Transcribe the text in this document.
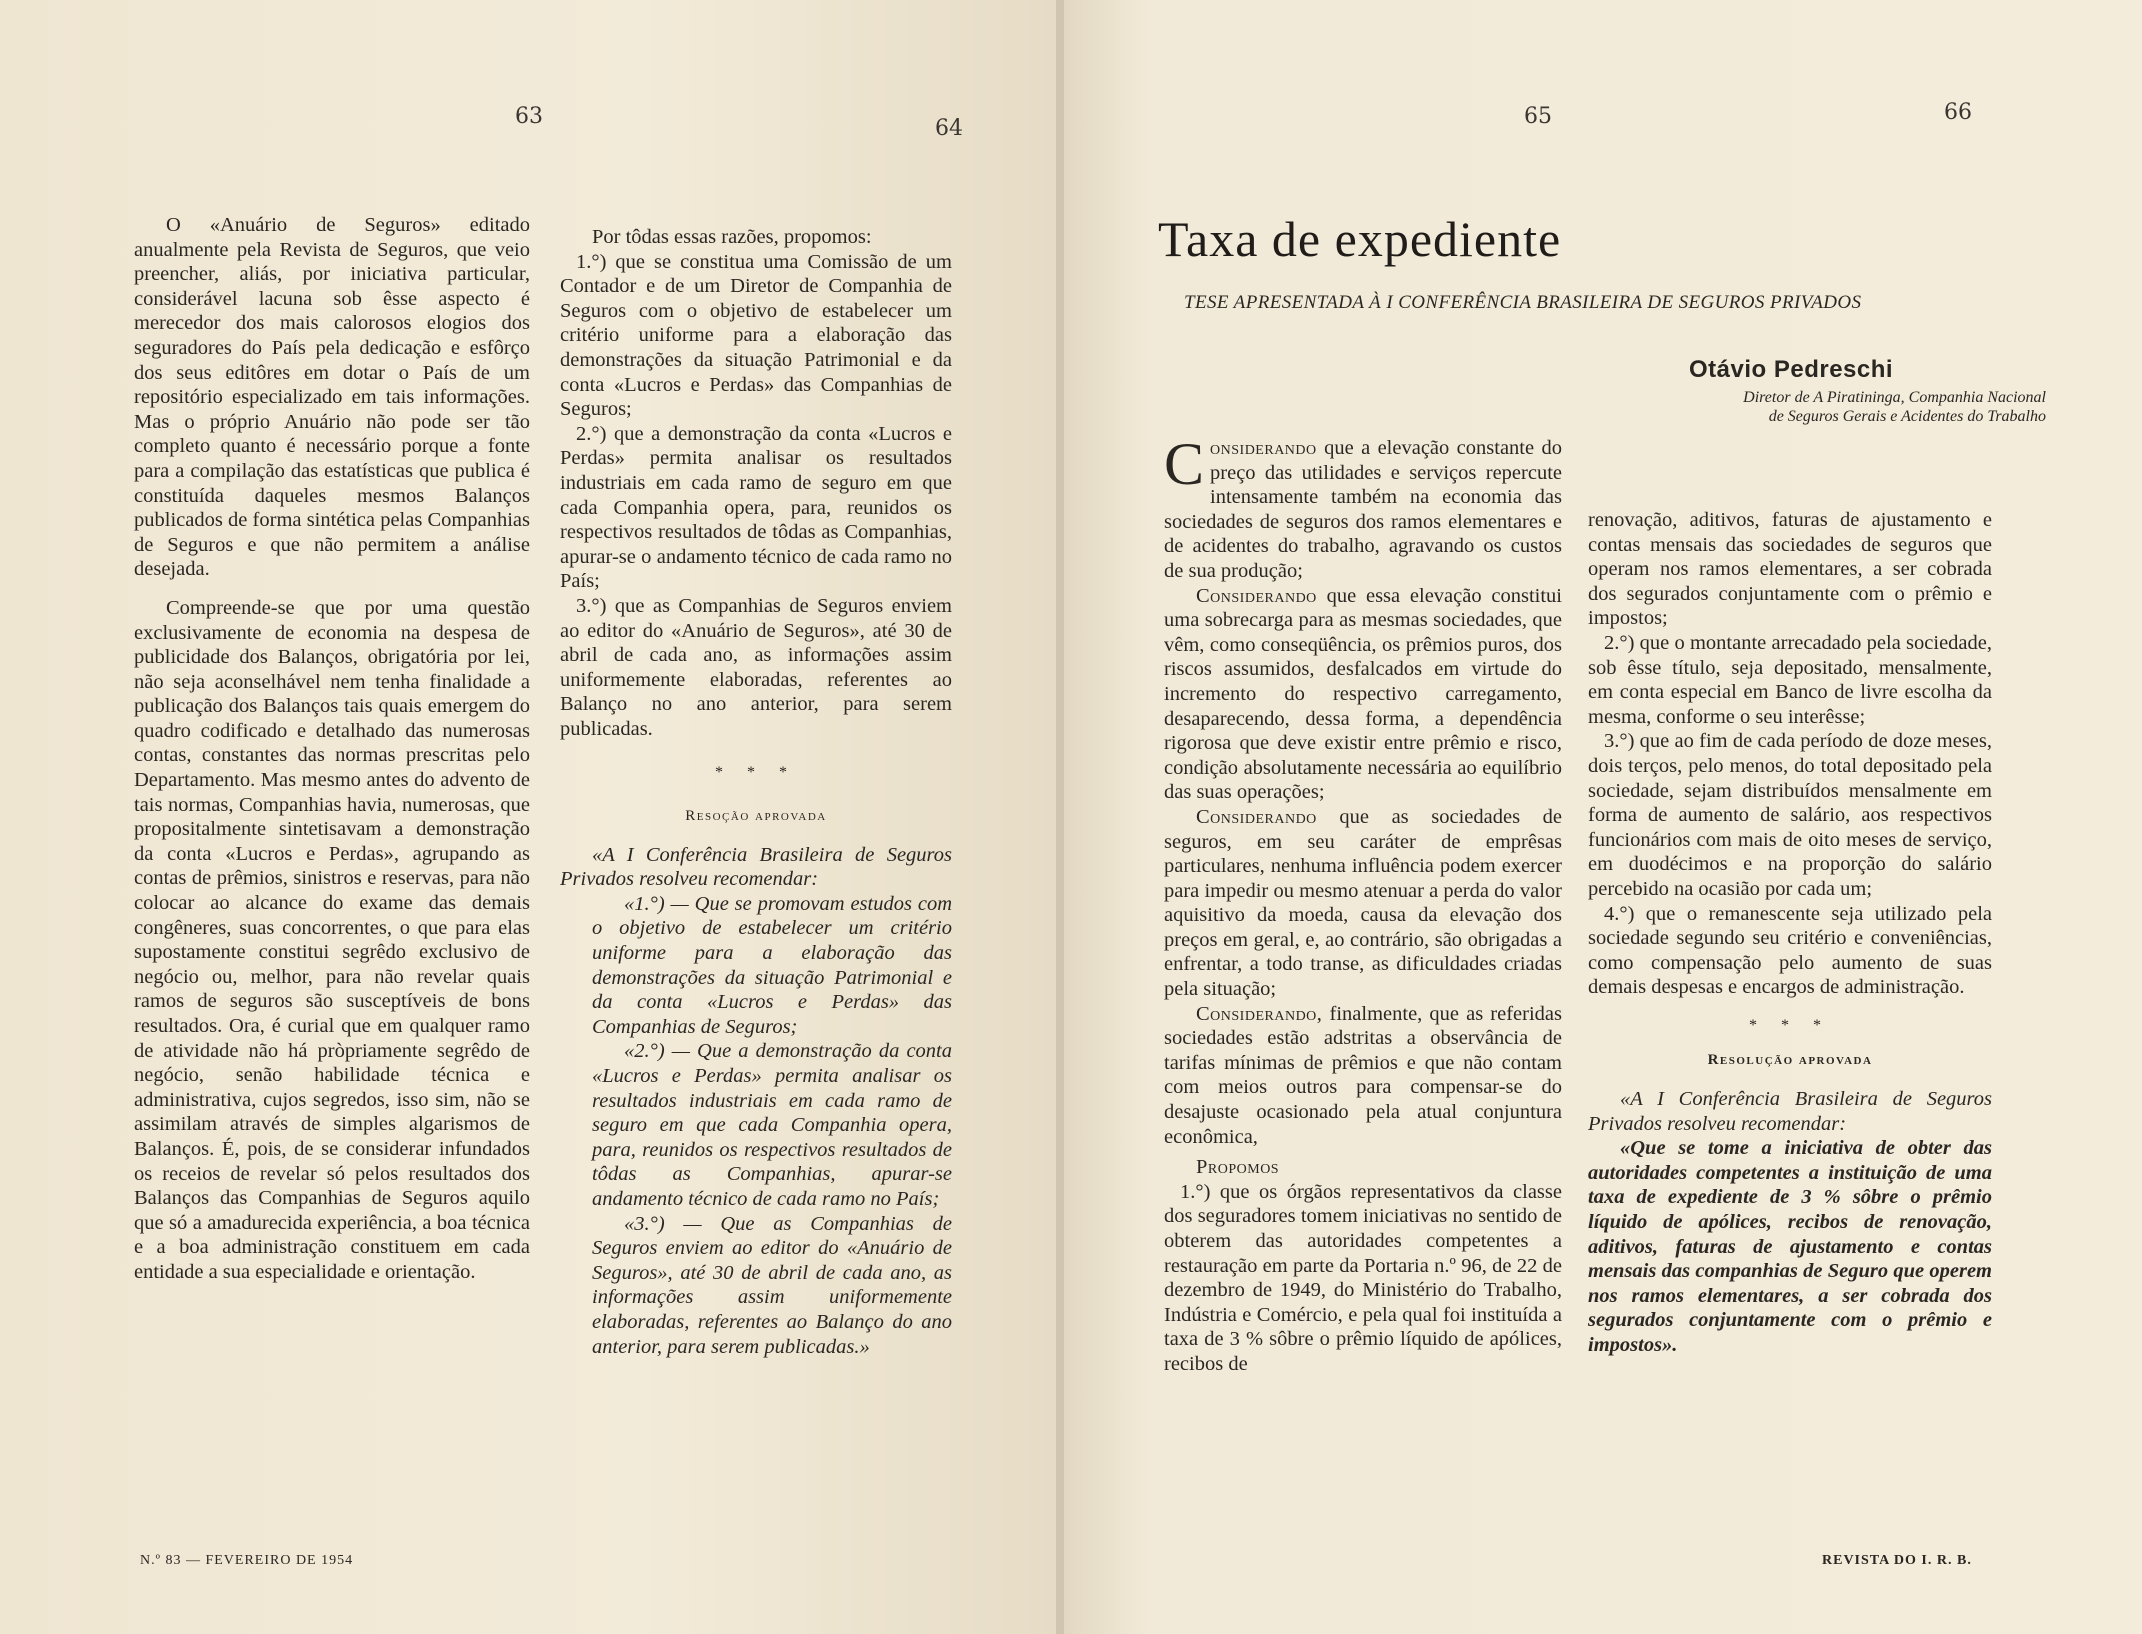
63	64

O «Anuário de Seguros» editado anualmente pela Revista de Seguros, que veio preencher, aliás, por iniciativa particular, considerável lacuna sob êsse aspecto é merecedor dos mais calorosos elogios dos seguradores do País pela dedicação e esfôrço dos seus editôres em dotar o País de um repositório especializado em tais informações. Mas o próprio Anuário não pode ser tão completo quanto é necessário porque a fonte para a compilação das estatísticas que publica é constituída daqueles mesmos Balanços publicados de forma sintética pelas Companhias de Seguros e que não permitem a análise desejada.

Compreende-se que por uma questão exclusivamente de economia na despesa de publicidade dos Balanços, obrigatória por lei, não seja aconselhável nem tenha finalidade a publicação dos Balanços tais quais emergem do quadro codificado e detalhado das numerosas contas, constantes das normas prescritas pelo Departamento. Mas mesmo antes do advento de tais normas, Companhias havia, numerosas, que propositalmente sintetisavam a demonstração da conta «Lucros e Perdas», agrupando as contas de prêmios, sinistros e reservas, para não colocar ao alcance do exame das demais congêneres, suas concorrentes, o que para elas supostamente constitui segrêdo exclusivo de negócio ou, melhor, para não revelar quais ramos de seguros são susceptíveis de bons resultados. Ora, é curial que em qualquer ramo de atividade não há pròpriamente segrêdo de negócio, senão habilidade técnica e administrativa, cujos segredos, isso sim, não se assimilam através de simples algarismos de Balanços. É, pois, de se considerar infundados os receios de revelar só pelos resultados dos Balanços das Companhias de Seguros aquilo que só a amadurecida experiência, a boa técnica e a boa administração constituem em cada entidade a sua especialidade e orientação.

Por tôdas essas razões, propomos:

1.°) que se constitua uma Comissão de um Contador e de um Diretor de Companhia de Seguros com o objetivo de estabelecer um critério uniforme para a elaboração das demonstrações da situação Patrimonial e da conta «Lucros e Perdas» das Companhias de Seguros;

2.°) que a demonstração da conta «Lucros e Perdas» permita analisar os resultados industriais em cada ramo de seguro em que cada Companhia opera, para, reunidos os respectivos resultados de tôdas as Companhias, apurar-se o andamento técnico de cada ramo no País;

3.°) que as Companhias de Seguros enviem ao editor do «Anuário de Seguros», até 30 de abril de cada ano, as informações assim uniformemente elaboradas, referentes ao Balanço no ano anterior, para serem publicadas.

* * *
Resoção aprovada

«A I Conferência Brasileira de Seguros Privados resolveu recomendar:

«1.°) — Que se promovam estudos com o objetivo de estabelecer um critério uniforme para a elaboração das demonstrações da situação Patrimonial e da conta «Lucros e Perdas» das Companhias de Seguros;

«2.°) — Que a demonstração da conta «Lucros e Perdas» permita analisar os resultados industriais em cada ramo de seguro em que cada Companhia opera, para, reunidos os respectivos resultados de tôdas as Companhias, apurar-se andamento técnico de cada ramo no País;

«3.°) — Que as Companhias de Seguros enviem ao editor do «Anuário de Seguros», até 30 de abril de cada ano, as informações assim uniformemente elaboradas, referentes ao Balanço do ano anterior, para serem publicadas.»

N.º 83 — FEVEREIRO DE 1954
65	66
Taxa de expediente
TESE APRESENTADA À I CONFERÊNCIA BRASILEIRA DE SEGUROS PRIVADOS
Otávio Pedreschi
Diretor de A Piratininga, Companhia Nacional
de Seguros Gerais e Acidentes do Trabalho

Considerando que a elevação constante do preço das utilidades e serviços repercute intensamente também na economia das sociedades de seguros dos ramos elementares e de acidentes do trabalho, agravando os custos de sua produção;

Considerando que essa elevação constitui uma sobrecarga para as mesmas sociedades, que vêm, como conseqüência, os prêmios puros, dos riscos assumidos, desfalcados em virtude do incremento do respectivo carregamento, desaparecendo, dessa forma, a dependência rigorosa que deve existir entre prêmio e risco, condição absolutamente necessária ao equilíbrio das suas operações;

Considerando que as sociedades de seguros, em seu caráter de emprêsas particulares, nenhuma influência podem exercer para impedir ou mesmo atenuar a perda do valor aquisitivo da moeda, causa da elevação dos preços em geral, e, ao contrário, são obrigadas a enfrentar, a todo transe, as dificuldades criadas pela situação;

Considerando, finalmente, que as referidas sociedades estão adstritas a observância de tarifas mínimas de prêmios e que não contam com meios outros para compensar-se do desajuste ocasionado pela atual conjuntura econômica,

Propomos

1.°) que os órgãos representativos da classe dos seguradores tomem iniciativas no sentido de obterem das autoridades competentes a restauração em parte da Portaria n.º 96, de 22 de dezembro de 1949, do Ministério do Trabalho, Indústria e Comércio, e pela qual foi instituída a taxa de 3 % sôbre o prêmio líquido de apólices, recibos de

renovação, aditivos, faturas de ajustamento e contas mensais das sociedades de seguros que operam nos ramos elementares, a ser cobrada dos segurados conjuntamente com o prêmio e impostos;

2.°) que o montante arrecadado pela sociedade, sob êsse título, seja depositado, mensalmente, em conta especial em Banco de livre escolha da mesma, conforme o seu interêsse;

3.°) que ao fim de cada período de doze meses, dois terços, pelo menos, do total depositado pela sociedade, sejam distribuídos mensalmente em forma de aumento de salário, aos respectivos funcionários com mais de oito meses de serviço, em duodécimos e na proporção do salário percebido na ocasião por cada um;

4.°) que o remanescente seja utilizado pela sociedade segundo seu critério e conveniências, como compensação pelo aumento de suas demais despesas e encargos de administração.

* * *
Resolução aprovada

«A I Conferência Brasileira de Seguros Privados resolveu recomendar:

«Que se tome a iniciativa de obter das autoridades competentes a instituição de uma taxa de expediente de 3 % sôbre o prêmio líquido de apólices, recibos de renovação, aditivos, faturas de ajustamento e contas mensais das companhias de Seguro que operem nos ramos elementares, a ser cobrada dos segurados conjuntamente com o prêmio e impostos».

REVISTA DO I. R. B.
